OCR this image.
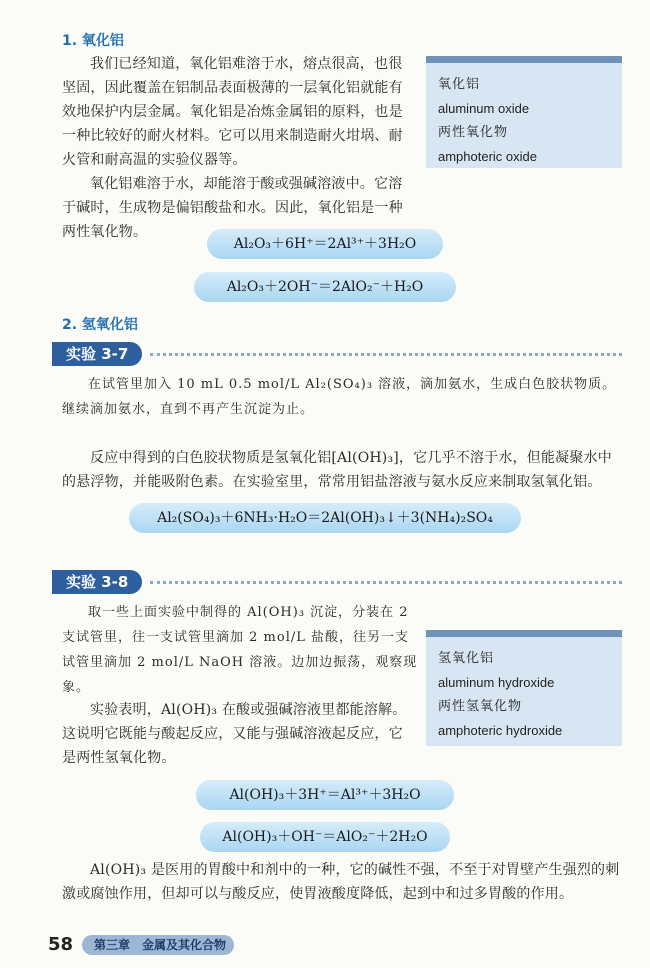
1. 氧化铝

我们已经知道，氧化铝难溶于水，熔点很高，也很坚固，因此覆盖在铝制品表面极薄的一层氧化铝就能有效地保护内层金属。氧化铝是冶炼金属铝的原料，也是一种比较好的耐火材料。它可以用来制造耐火坩埚、耐火管和耐高温的实验仪器等。

氧化铝
aluminum oxide
两性氧化物
amphoteric oxide

氧化铝难溶于水，却能溶于酸或强碱溶液中。它溶于碱时，生成物是偏铝酸盐和水。因此，氧化铝是一种两性氧化物。

Al₂O₃＋6H⁺＝2Al³⁺＋3H₂O
Al₂O₃＋2OH⁻＝2AlO₂⁻＋H₂O
2. 氢氧化铝
实验 3-7

在试管里加入 10 mL 0.5 mol/L Al₂(SO₄)₃ 溶液，滴加氨水，生成白色胶状物质。继续滴加氨水，直到不再产生沉淀为止。

反应中得到的白色胶状物质是氢氧化铝[Al(OH)₃]，它几乎不溶于水，但能凝聚水中的悬浮物，并能吸附色素。在实验室里，常常用铝盐溶液与氨水反应来制取氢氧化铝。

Al₂(SO₄)₃＋6NH₃·H₂O＝2Al(OH)₃↓＋3(NH₄)₂SO₄
实验 3-8

取一些上面实验中制得的 Al(OH)₃ 沉淀，分装在 2 支试管里，往一支试管里滴加 2 mol/L 盐酸，往另一支试管里滴加 2 mol/L NaOH 溶液。边加边振荡，观察现象。

氢氧化铝
aluminum hydroxide
两性氢氧化物
amphoteric hydroxide

实验表明，Al(OH)₃ 在酸或强碱溶液里都能溶解。这说明它既能与酸起反应，又能与强碱溶液起反应，它是两性氢氧化物。

Al(OH)₃＋3H⁺＝Al³⁺＋3H₂O
Al(OH)₃＋OH⁻＝AlO₂⁻＋2H₂O

Al(OH)₃ 是医用的胃酸中和剂中的一种，它的碱性不强，不至于对胃壁产生强烈的刺激或腐蚀作用，但却可以与酸反应，使胃液酸度降低，起到中和过多胃酸的作用。

58	第三章　金属及其化合物
